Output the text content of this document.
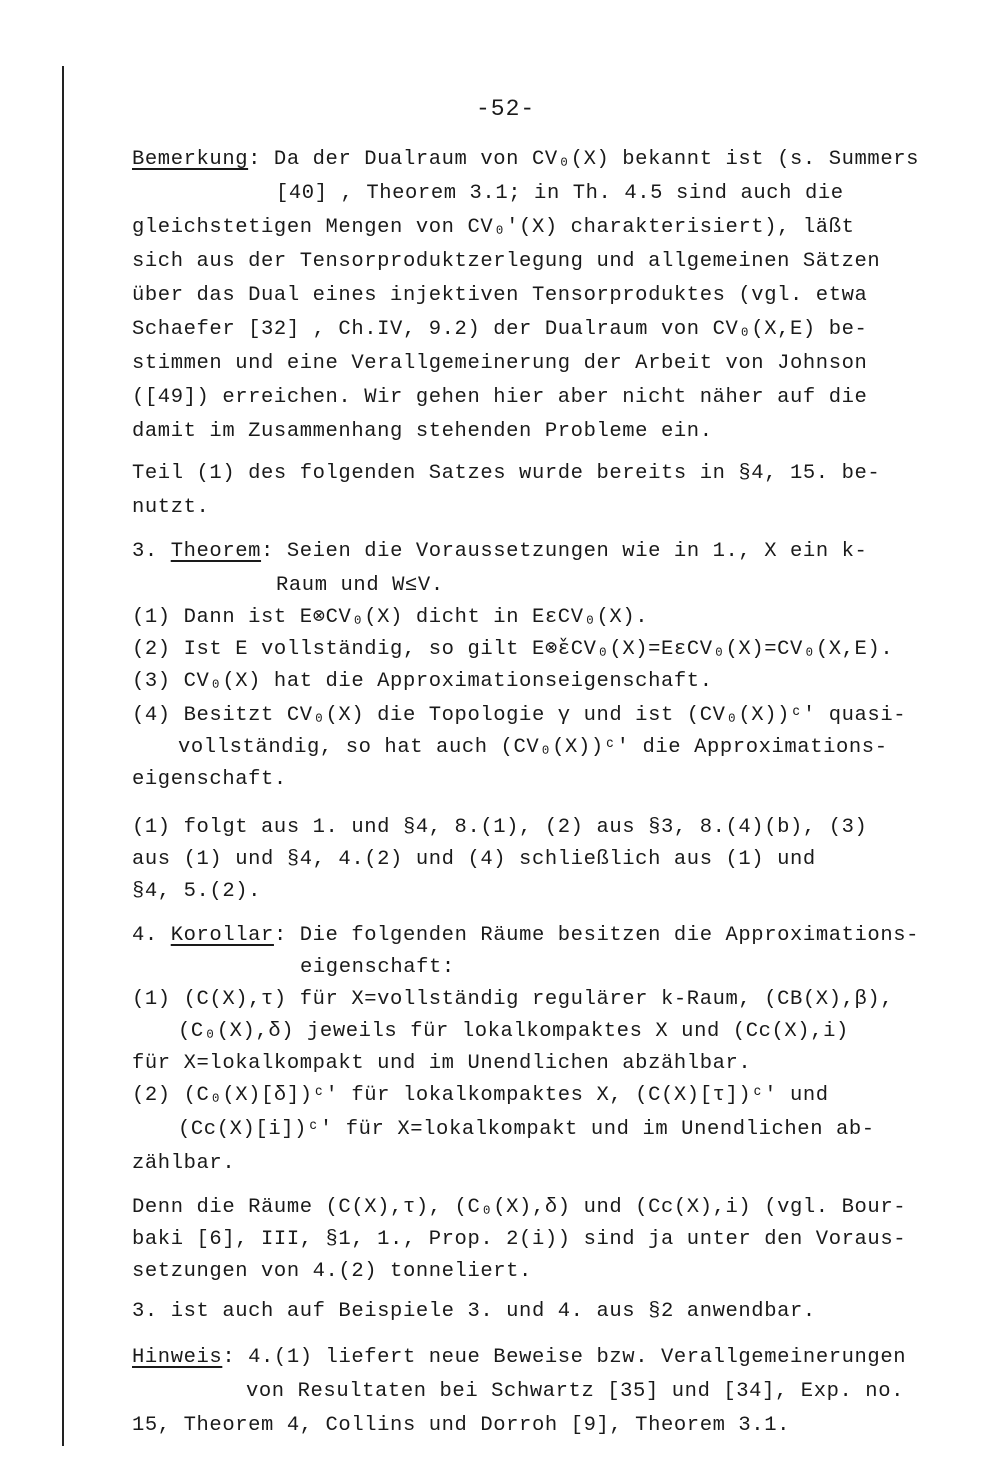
-52-
Bemerkung: Da der Dualraum von CV₀(X) bekannt ist (s. Summers
[40] , Theorem 3.1; in Th. 4.5 sind auch die
gleichstetigen Mengen von CV₀'(X) charakterisiert), läßt
sich aus der Tensorproduktzerlegung und allgemeinen Sätzen
über das Dual eines injektiven Tensorproduktes (vgl. etwa
Schaefer [32] , Ch.IV, 9.2) der Dualraum von CV₀(X,E) be-
stimmen und eine Verallgemeinerung der Arbeit von Johnson
([49]) erreichen. Wir gehen hier aber nicht näher auf die
damit im Zusammenhang stehenden Probleme ein.
Teil (1) des folgenden Satzes wurde bereits in §4, 15. be-
nutzt.
3. Theorem: Seien die Voraussetzungen wie in 1., X ein k-
Raum und W≤V.
(1) Dann ist E⊗CV₀(X) dicht in EεCV₀(X).
(2) Ist E vollständig, so gilt E⊗̌εCV₀(X)=EεCV₀(X)=CV₀(X,E).
(3) CV₀(X) hat die Approximationseigenschaft.
(4) Besitzt CV₀(X) die Topologie γ und ist (CV₀(X))ᶜ' quasi-
vollständig, so hat auch (CV₀(X))ᶜ' die Approximations-
eigenschaft.
(1) folgt aus 1. und §4, 8.(1), (2) aus §3, 8.(4)(b), (3)
aus (1) und §4, 4.(2) und (4) schließlich aus (1) und
§4, 5.(2).
4. Korollar: Die folgenden Räume besitzen die Approximations-
eigenschaft:
(1) (C(X),τ) für X=vollständig regulärer k-Raum, (CB(X),β),
(C₀(X),δ) jeweils für lokalkompaktes X und (Cc(X),i)
für X=lokalkompakt und im Unendlichen abzählbar.
(2) (C₀(X)[δ])ᶜ' für lokalkompaktes X, (C(X)[τ])ᶜ' und
(Cc(X)[i])ᶜ' für X=lokalkompakt und im Unendlichen ab-
zählbar.
Denn die Räume (C(X),τ), (C₀(X),δ) und (Cc(X),i) (vgl. Bour-
baki [6], III, §1, 1., Prop. 2(i)) sind ja unter den Voraus-
setzungen von 4.(2) tonneliert.
3. ist auch auf Beispiele 3. und 4. aus §2 anwendbar.
Hinweis: 4.(1) liefert neue Beweise bzw. Verallgemeinerungen
von Resultaten bei Schwartz [35] und [34], Exp. no.
15, Theorem 4, Collins und Dorroh [9], Theorem 3.1.
